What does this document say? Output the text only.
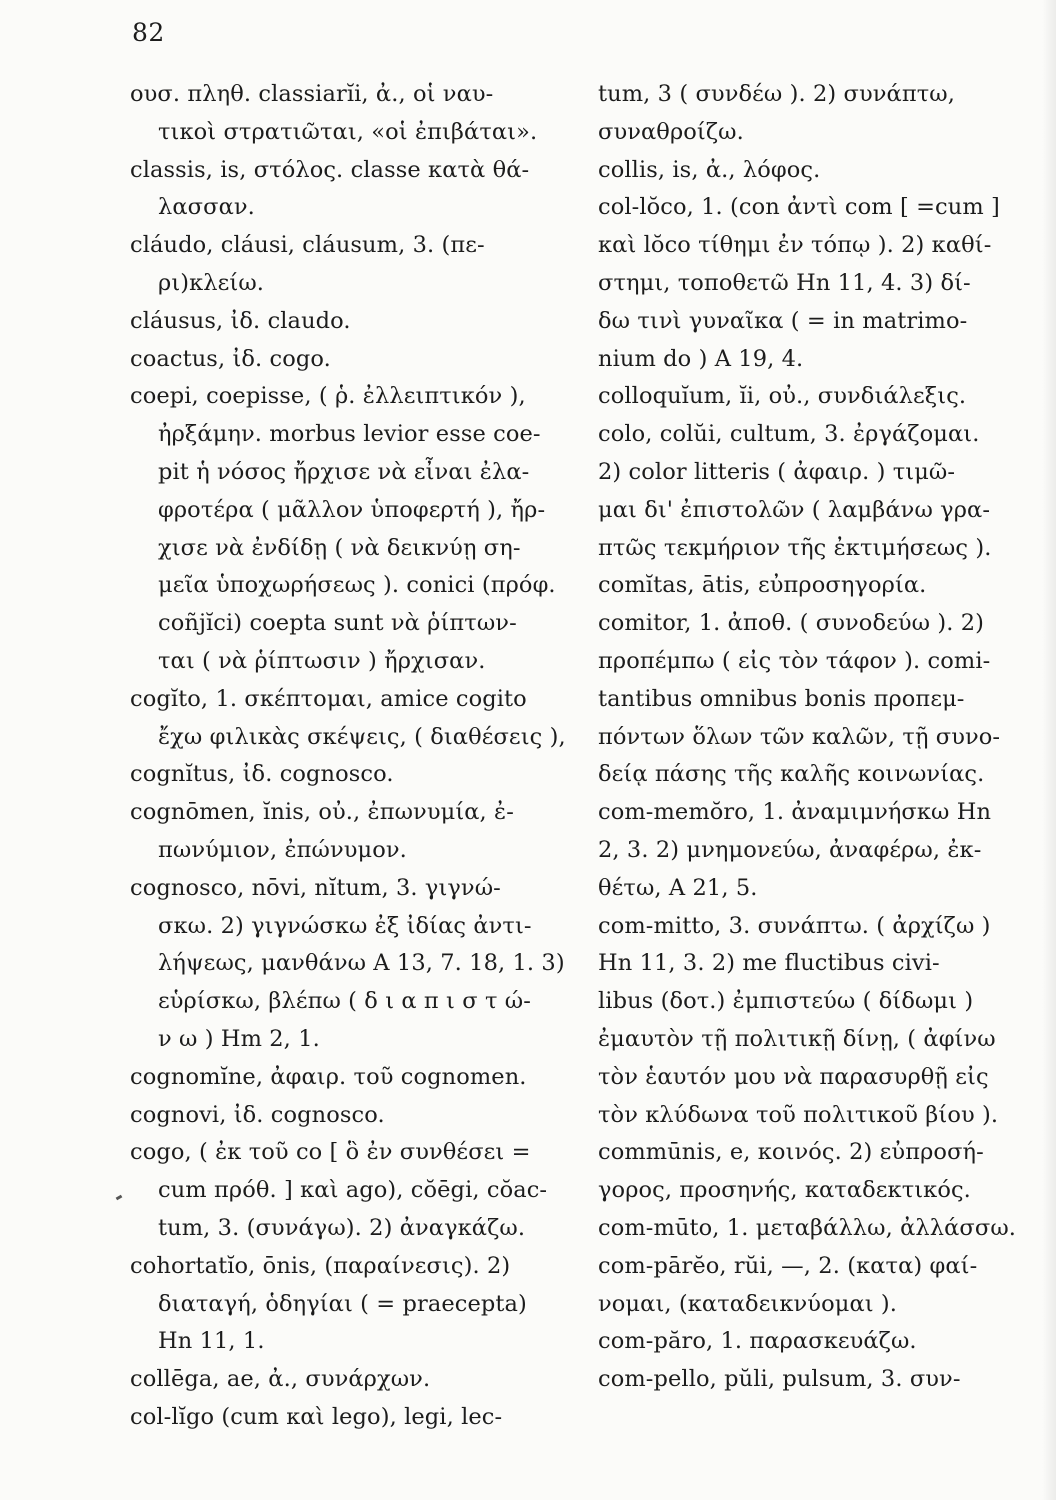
82
ουσ. πληθ. classiarĭi, ἀ., οἱ ναυ-
τικοὶ στρατιῶται, «οἱ ἐπιβάται».
classis, is, στόλος. classe κατὰ θά-
λασσαν.
cláudo, cláusi, cláusum, 3. (πε-
ρι)κλείω.
cláusus, ἰδ. claudo.
coactus, ἰδ. cogo.
coepi, coepisse, ( ῥ. ἐλλειπτικόν ),
ἠρξάμην. morbus levior esse coe-
pit ἡ νόσος ἤρχισε νὰ εἶναι ἐλα-
φροτέρα ( μᾶλλον ὑποφερτή ), ἤρ-
χισε νὰ ἐνδίδῃ ( νὰ δεικνύῃ ση-
μεῖα ὑποχωρήσεως ). conici (πρόφ.
coñjĭci) coepta sunt νὰ ῥίπτων-
ται ( νὰ ῥίπτωσιν ) ἤρχισαν.
cogĭto, 1. σκέπτομαι, amice cogito
ἔχω φιλικὰς σκέψεις, ( διαθέσεις ),
cognĭtus, ἰδ. cognosco.
cognōmen, ĭnis, οὐ., ἐπωνυμία, ἐ-
πωνύμιον, ἐπώνυμον.
cognosco, nōvi, nĭtum, 3. γιγνώ-
σκω. 2) γιγνώσκω ἐξ ἰδίας ἀντι-
λήψεως, μανθάνω A 13, 7. 18, 1. 3)
εὑρίσκω, βλέπω ( δ ι α π ι σ τ ώ-
ν ω ) Hm 2, 1.
cognomĭne, ἀφαιρ. τοῦ cognomen.
cognovi, ἰδ. cognosco.
cogo, ( ἐκ τοῦ co [ ὃ ἐν συνθέσει =
cum πρόθ. ] καὶ ago), cŏēgi, cŏac-
tum, 3. (συνάγω). 2) ἀναγκάζω.
cohortatĭo, ōnis, (παραίνεσις). 2)
διαταγή, ὁδηγίαι ( = praecepta)
Hn 11, 1.
collēga, ae, ἀ., συνάρχων.
col-lĭgo (cum καὶ lego), legi, lec-
tum, 3 ( συνδέω ). 2) συνάπτω,
συναθροίζω.
collis, is, ἀ., λόφος.
col-lŏco, 1. (con ἀντὶ com [ =cum ]
καὶ lŏco τίθημι ἐν τόπῳ ). 2) καθί-
στημι, τοποθετῶ Hn 11, 4. 3) δί-
δω τινὶ γυναῖκα ( = in matrimo-
nium do ) A 19, 4.
colloquĭum, ĭi, οὐ., συνδιάλεξις.
colo, colŭi, cultum, 3. ἐργάζομαι.
2) color litteris ( ἀφαιρ. ) τιμῶ-
μαι δι' ἐπιστολῶν ( λαμβάνω γρα-
πτῶς τεκμήριον τῆς ἐκτιμήσεως ).
comĭtas, ātis, εὐπροσηγορία.
comitor, 1. ἀποθ. ( συνοδεύω ). 2)
προπέμπω ( εἰς τὸν τάφον ). comi-
tantibus omnibus bonis προπεμ-
πόντων ὅλων τῶν καλῶν, τῇ συνο-
δείᾳ πάσης τῆς καλῆς κοινωνίας.
com-memŏro, 1. ἀναμιμνήσκω Hn
2, 3. 2) μνημονεύω, ἀναφέρω, ἐκ-
θέτω, A 21, 5.
com-mitto, 3. συνάπτω. ( ἀρχίζω )
Hn 11, 3. 2) me fluctibus civi-
libus (δοτ.) ἐμπιστεύω ( δίδωμι )
ἐμαυτὸν τῇ πολιτικῇ δίνῃ, ( ἀφίνω
τὸν ἑαυτόν μου νὰ παρασυρθῇ εἰς
τὸν κλύδωνα τοῦ πολιτικοῦ βίου ).
commūnis, e, κοινός. 2) εὐπροσή-
γορος, προσηνής, καταδεκτικός.
com-mūto, 1. μεταβάλλω, ἀλλάσσω.
com-pārĕo, rŭi, —, 2. (κατα) φαί-
νομαι, (καταδεικνύομαι ).
com-păro, 1. παρασκευάζω.
com-pello, pŭli, pulsum, 3. συν-
